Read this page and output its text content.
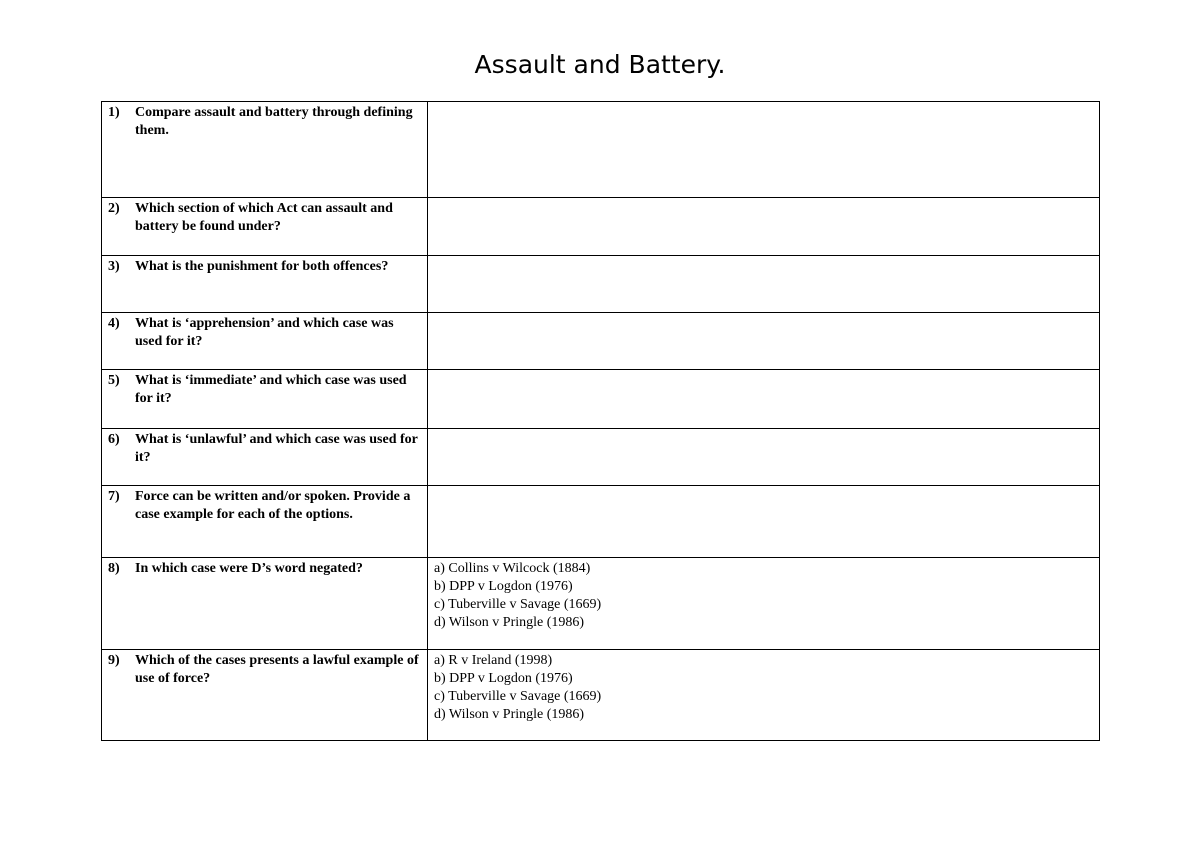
Assault and Battery.
1) Compare assault and battery through defining them.	

2) Which section of which Act can assault and battery be found under?	

3) What is the punishment for both offences?	

4) What is ‘apprehension’ and which case was used for it?	

5) What is ‘immediate’ and which case was used for it?	

6) What is ‘unlawful’ and which case was used for it?	

7) Force can be written and/or spoken. Provide a case example for each of the options.	

8) In which case were D’s word negated?	a) Collins v Wilcock (1884)
b) DPP v Logdon (1976)
c) Tuberville v Savage (1669)
d) Wilson v Pringle (1986)

9) Which of the cases presents a lawful example of use of force?	a) R v Ireland (1998)
b) DPP v Logdon (1976)
c) Tuberville v Savage (1669)
d) Wilson v Pringle (1986)
